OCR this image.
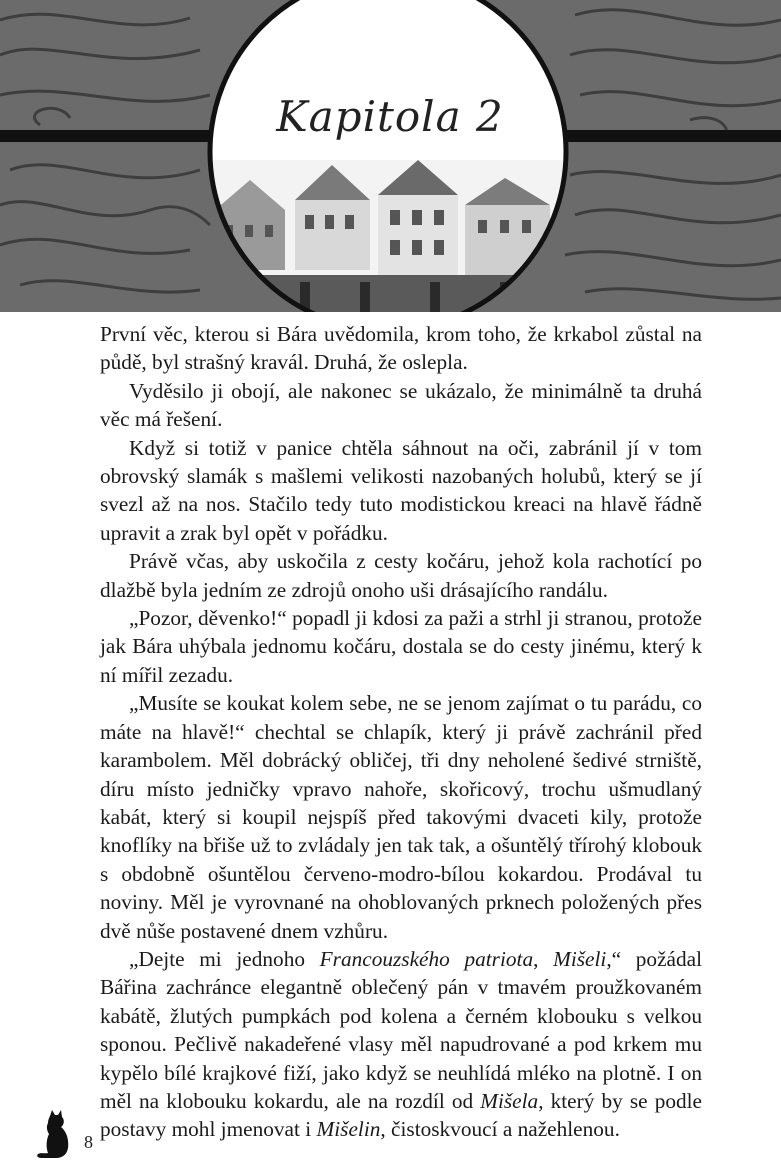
Kapitola 2

První věc, kterou si Bára uvědomila, krom toho, že krkabol zůstal na půdě, byl strašný kravál. Druhá, že oslepla.

Vyděsilo ji obojí, ale nakonec se ukázalo, že minimálně ta druhá věc má řešení.

Když si totiž v panice chtěla sáhnout na oči, zabránil jí v tom obrovský slamák s mašlemi velikosti nazobaných holubů, který se jí svezl až na nos. Stačilo tedy tuto modistickou kreaci na hlavě řádně upravit a zrak byl opět v pořádku.

Právě včas, aby uskočila z cesty kočáru, jehož kola rachotící po dlažbě byla jedním ze zdrojů onoho uši drásajícího randálu.

„Pozor, děvenko!“ popadl ji kdosi za paži a strhl ji stranou, protože jak Bára uhýbala jednomu kočáru, dostala se do cesty jinému, který k ní mířil zezadu.

„Musíte se koukat kolem sebe, ne se jenom zajímat o tu parádu, co máte na hlavě!“ chechtal se chlapík, který ji právě zachránil před karambolem. Měl dobrácký obličej, tři dny neholené šedivé strniště, díru místo jedničky vpravo nahoře, skořicový, trochu ušmudlaný kabát, který si koupil nejspíš před takovými dvaceti kily, protože knoflíky na břiše už to zvládaly jen tak tak, a ošuntělý třírohý klobouk s obdobně ošuntělou červeno-modro-bílou kokardou. Prodával tu noviny. Měl je vyrovnané na ohoblovaných prknech položených přes dvě nůše postavené dnem vzhůru.

„Dejte mi jednoho Francouzského patriota, Mišeli,“ požádal Bářina zachránce elegantně oblečený pán v tmavém proužkovaném kabátě, žlutých pumpkách pod kolena a černém klobouku s velkou sponou. Pečlivě nakadeřené vlasy měl napudrované a pod krkem mu kypělo bílé krajkové fiží, jako když se neuhlídá mléko na plotně. I on měl na klobouku kokardu, ale na rozdíl od Mišela, který by se podle postavy mohl jmenovat i Mišelin, čistoskvoucí a nažehlenou.

8
